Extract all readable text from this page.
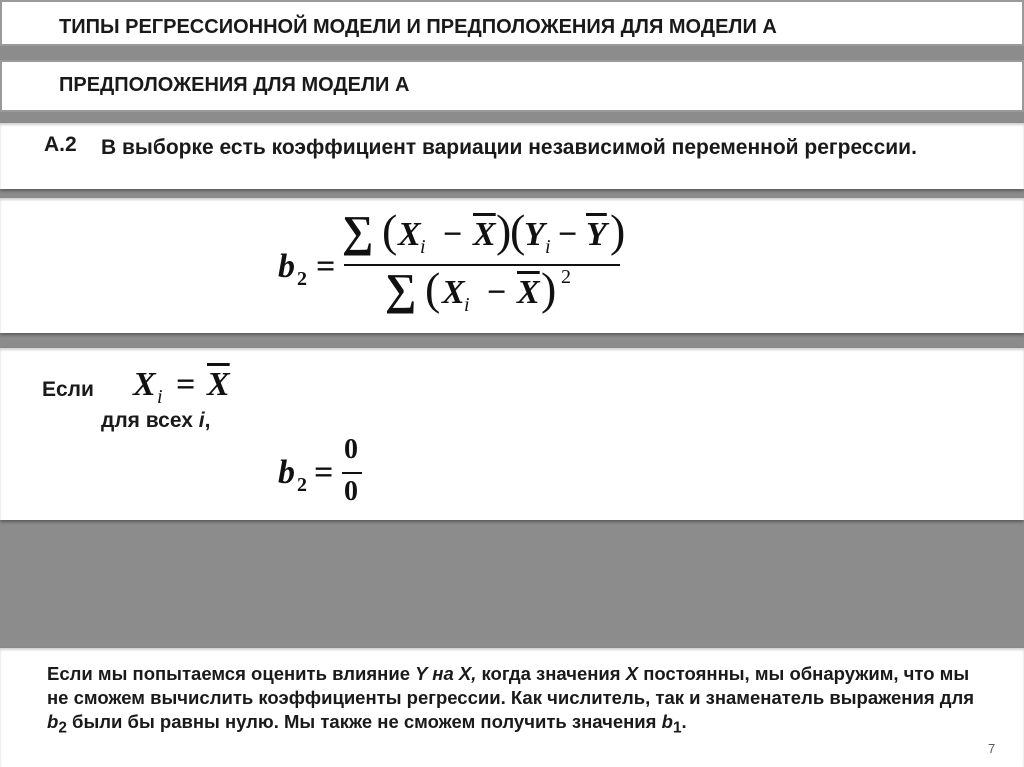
ТИПЫ РЕГРЕССИОННОЙ МОДЕЛИ И ПРЕДПОЛОЖЕНИЯ ДЛЯ МОДЕЛИ А
ПРЕДПОЛОЖЕНИЯ ДЛЯ МОДЕЛИ А
А.2 В выборке есть коэффициент вариации независимой переменной регрессии.
b 2 =
∑ ( X $i - \overline{X}$ )
(
Y $i - \overline{Y}$ )
∑ ( X $i - \overline{X}$ ) 2
Если X $i = \overline{X}$
для всех i,
b 2 =
0
0
Если мы попытаемся оценить влияние Y на X, когда значения X постоянны, мы обнаружим, что мы не сможем вычислить коэффициенты регрессии. Как числитель, так и знаменатель выражения для $b_2$ были бы равны нулю. Мы также не сможем получить значения $b_1$.
7
